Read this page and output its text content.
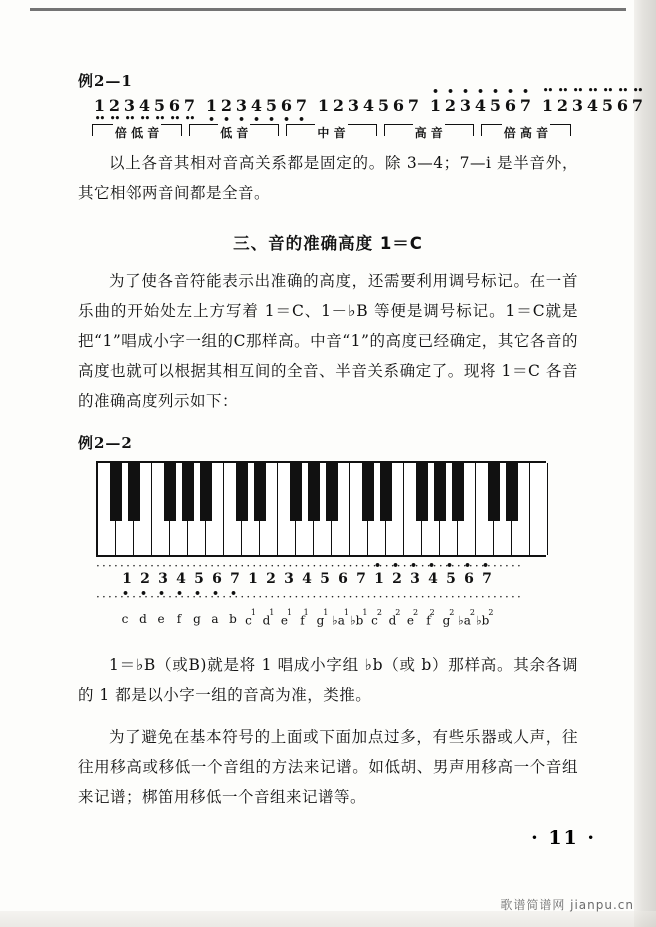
例2—1
1 •• 2 •• 3 •• 4 •• 5 •• 6 •• 7 •• 1 • 2 • 3 • 4 • 5 • 6 • 7 • 1 2 3 4 5 6 7 • 1 • 2 • 3 • 4 • 5 • 6 • 7 •• 1 •• 2 •• 3 •• 4 •• 5 •• 6 •• 7
倍 低 音	低 音	中 音	高 音	倍 高 音

以上各音其相对音高关系都是固定的。除 3—4；7—i 是半音外，其它相邻两音间都是全音。

三、音的准确高度 1＝C

为了使各音符能表示出准确的高度，还需要利用调号标记。在一首乐曲的开始处左上方写着 1＝C、1－♭B 等便是调号标记。1＝C就是把“1”唱成小字一组的C那样高。中音“1”的高度已经确定，其它各音的高度也就可以根据其相互间的全音、半音关系确定了。现将 1＝C 各音的准确高度列示如下：

例2—2
·······································································
1 • 2 • 3 • 4 • 5 • 6 • 7 • 1 2 3 4 5 6 7 • 1 • 2 • 3 • 4 • 5 • 6 • 7
·······································································
c d e	f g a b $c^1$
$d^1$
$e^1$
$f^1$
$g^1$
$♭a^1$
$♭b^1$
$c^2$
$d^2$
$e^2$
$f^2$
$g^2$
$♭a^2$
$♭b^2$

1＝♭B（或B)就是将 1 唱成小字组 ♭b（或 b）那样高。其余各调的 1 都是以小字一组的音高为准，类推。

为了避免在基本符号的上面或下面加点过多，有些乐器或人声，往往用移高或移低一个音组的方法来记谱。如低胡、男声用移高一个音组来记谱；梆笛用移低一个音组来记谱等。

· 11 ·
歌谱简谱网 jianpu.cn
